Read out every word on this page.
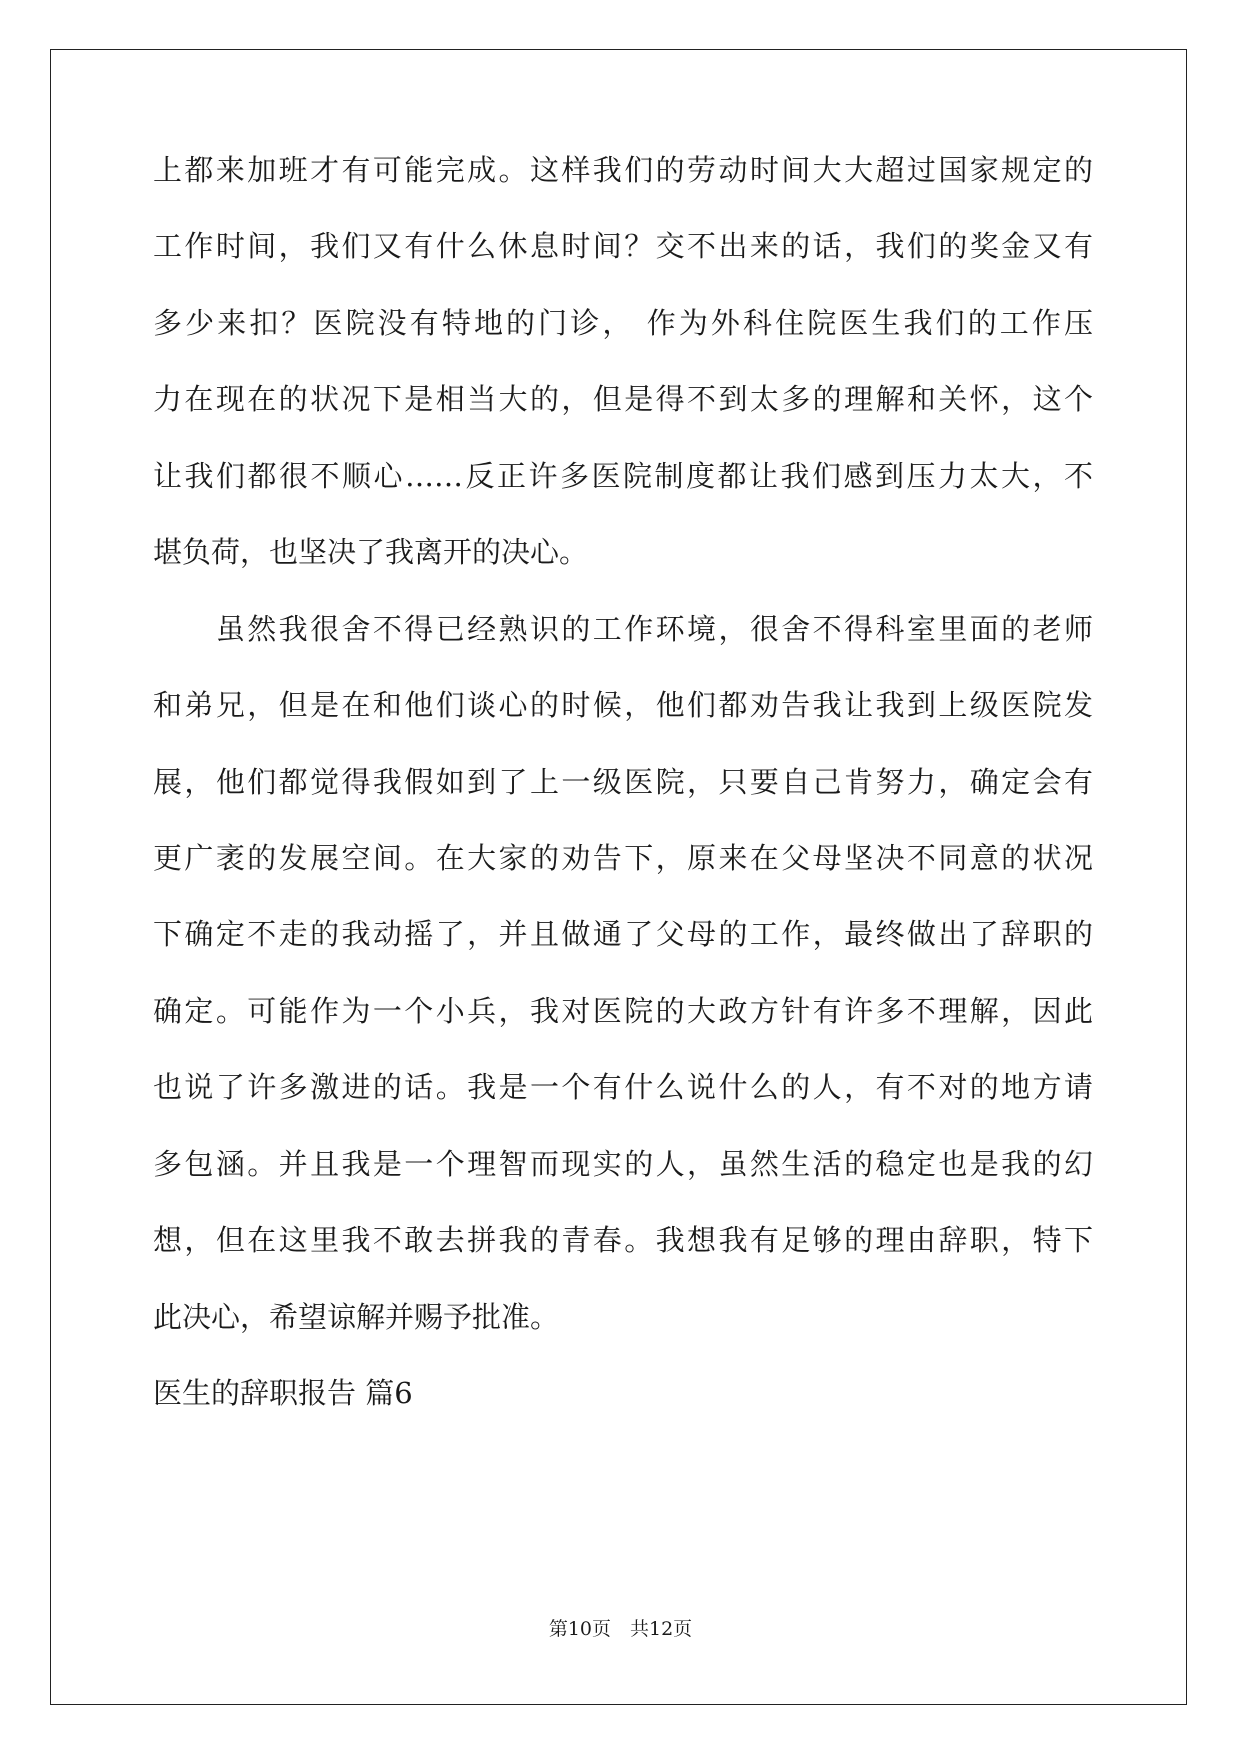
上都来加班才有可能完成。这样我们的劳动时间大大超过国家规定的
工作时间，我们又有什么休息时间？交不出来的话，我们的奖金又有
多少来扣？医院没有特地的门诊， 作为外科住院医生我们的工作压
力在现在的状况下是相当大的，但是得不到太多的理解和关怀，这个
让我们都很不顺心……反正许多医院制度都让我们感到压力太大，不
堪负荷，也坚决了我离开的决心。
　　虽然我很舍不得已经熟识的工作环境，很舍不得科室里面的老师
和弟兄，但是在和他们谈心的时候，他们都劝告我让我到上级医院发
展，他们都觉得我假如到了上一级医院，只要自己肯努力，确定会有
更广袤的发展空间。在大家的劝告下，原来在父母坚决不同意的状况
下确定不走的我动摇了，并且做通了父母的工作，最终做出了辞职的
确定。可能作为一个小兵，我对医院的大政方针有许多不理解，因此
也说了许多激进的话。我是一个有什么说什么的人，有不对的地方请
多包涵。并且我是一个理智而现实的人，虽然生活的稳定也是我的幻
想，但在这里我不敢去拼我的青春。我想我有足够的理由辞职，特下
此决心，希望谅解并赐予批准。
医生的辞职报告 篇6
第10页　共12页
